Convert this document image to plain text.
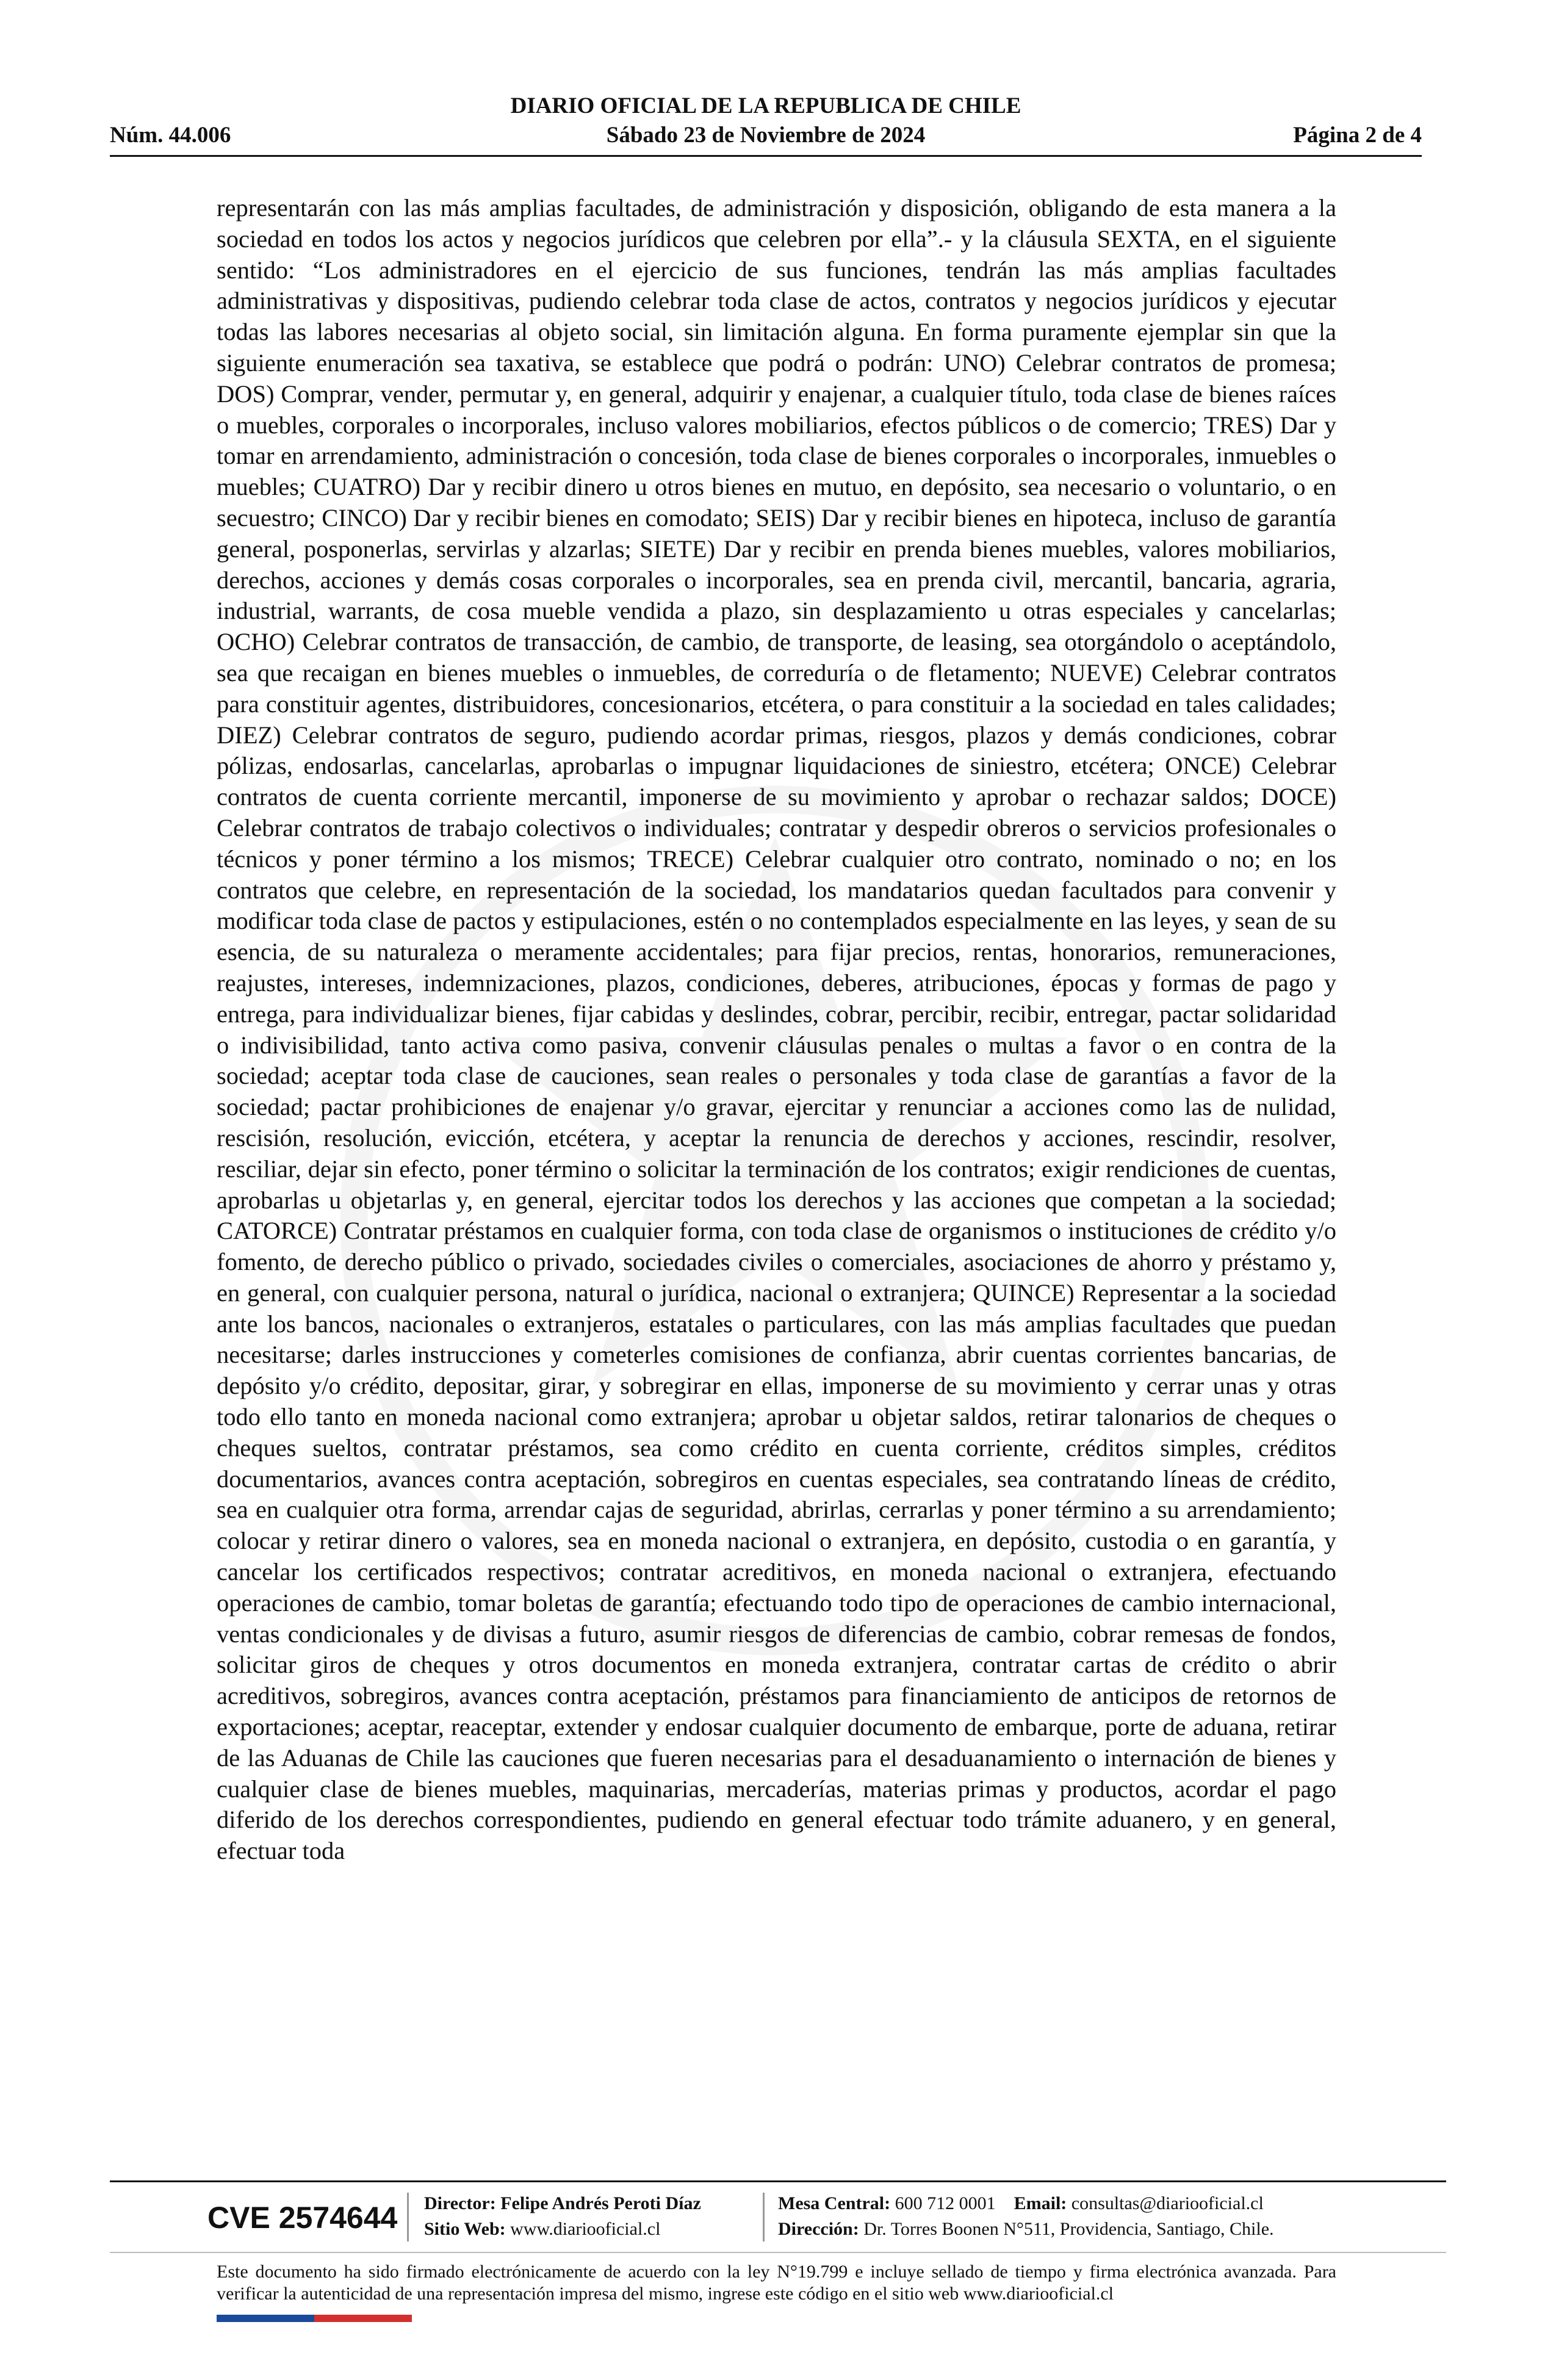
Núm. 44.006
DIARIO OFICIAL DE LA REPUBLICA DE CHILE
Sábado 23 de Noviembre de 2024	Página 2 de 4
representarán con las más amplias facultades, de administración y disposición, obligando de esta manera a la sociedad en todos los actos y negocios jurídicos que celebren por ella”.- y la cláusula SEXTA, en el siguiente sentido: “Los administradores en el ejercicio de sus funciones, tendrán las más amplias facultades administrativas y dispositivas, pudiendo celebrar toda clase de actos, contratos y negocios jurídicos y ejecutar todas las labores necesarias al objeto social, sin limitación alguna. En forma puramente ejemplar sin que la siguiente enumeración sea taxativa, se establece que podrá o podrán: UNO) Celebrar contratos de promesa; DOS) Comprar, vender, permutar y, en general, adquirir y enajenar, a cualquier título, toda clase de bienes raíces o muebles, corporales o incorporales, incluso valores mobiliarios, efectos públicos o de comercio; TRES) Dar y tomar en arrendamiento, administración o concesión, toda clase de bienes corporales o incorporales, inmuebles o muebles; CUATRO) Dar y recibir dinero u otros bienes en mutuo, en depósito, sea necesario o voluntario, o en secuestro; CINCO) Dar y recibir bienes en comodato; SEIS) Dar y recibir bienes en hipoteca, incluso de garantía general, posponerlas, servirlas y alzarlas; SIETE) Dar y recibir en prenda bienes muebles, valores mobiliarios, derechos, acciones y demás cosas corporales o incorporales, sea en prenda civil, mercantil, bancaria, agraria, industrial, warrants, de cosa mueble vendida a plazo, sin desplazamiento u otras especiales y cancelarlas; OCHO) Celebrar contratos de transacción, de cambio, de transporte, de leasing, sea otorgándolo o aceptándolo, sea que recaigan en bienes muebles o inmuebles, de correduría o de fletamento; NUEVE) Celebrar contratos para constituir agentes, distribuidores, concesionarios, etcétera, o para constituir a la sociedad en tales calidades; DIEZ) Celebrar contratos de seguro, pudiendo acordar primas, riesgos, plazos y demás condiciones, cobrar pólizas, endosarlas, cancelarlas, aprobarlas o impugnar liquidaciones de siniestro, etcétera; ONCE) Celebrar contratos de cuenta corriente mercantil, imponerse de su movimiento y aprobar o rechazar saldos; DOCE) Celebrar contratos de trabajo colectivos o individuales; contratar y despedir obreros o servicios profesionales o técnicos y poner término a los mismos; TRECE) Celebrar cualquier otro contrato, nominado o no; en los contratos que celebre, en representación de la sociedad, los mandatarios quedan facultados para convenir y modificar toda clase de pactos y estipulaciones, estén o no contemplados especialmente en las leyes, y sean de su esencia, de su naturaleza o meramente accidentales; para fijar precios, rentas, honorarios, remuneraciones, reajustes, intereses, indemnizaciones, plazos, condiciones, deberes, atribuciones, épocas y formas de pago y entrega, para individualizar bienes, fijar cabidas y deslindes, cobrar, percibir, recibir, entregar, pactar solidaridad o indivisibilidad, tanto activa como pasiva, convenir cláusulas penales o multas a favor o en contra de la sociedad; aceptar toda clase de cauciones, sean reales o personales y toda clase de garantías a favor de la sociedad; pactar prohibiciones de enajenar y/o gravar, ejercitar y renunciar a acciones como las de nulidad, rescisión, resolución, evicción, etcétera, y aceptar la renuncia de derechos y acciones, rescindir, resolver, resciliar, dejar sin efecto, poner término o solicitar la terminación de los contratos; exigir rendiciones de cuentas, aprobarlas u objetarlas y, en general, ejercitar todos los derechos y las acciones que competan a la sociedad; CATORCE) Contratar préstamos en cualquier forma, con toda clase de organismos o instituciones de crédito y/o fomento, de derecho público o privado, sociedades civiles o comerciales, asociaciones de ahorro y préstamo y, en general, con cualquier persona, natural o jurídica, nacional o extranjera; QUINCE) Representar a la sociedad ante los bancos, nacionales o extranjeros, estatales o particulares, con las más amplias facultades que puedan necesitarse; darles instrucciones y cometerles comisiones de confianza, abrir cuentas corrientes bancarias, de depósito y/o crédito, depositar, girar, y sobregirar en ellas, imponerse de su movimiento y cerrar unas y otras todo ello tanto en moneda nacional como extranjera; aprobar u objetar saldos, retirar talonarios de cheques o cheques sueltos, contratar préstamos, sea como crédito en cuenta corriente, créditos simples, créditos documentarios, avances contra aceptación, sobregiros en cuentas especiales, sea contratando líneas de crédito, sea en cualquier otra forma, arrendar cajas de seguridad, abrirlas, cerrarlas y poner término a su arrendamiento; colocar y retirar dinero o valores, sea en moneda nacional o extranjera, en depósito, custodia o en garantía, y cancelar los certificados respectivos; contratar acreditivos, en moneda nacional o extranjera, efectuando operaciones de cambio, tomar boletas de garantía; efectuando todo tipo de operaciones de cambio internacional, ventas condicionales y de divisas a futuro, asumir riesgos de diferencias de cambio, cobrar remesas de fondos, solicitar giros de cheques y otros documentos en moneda extranjera, contratar cartas de crédito o abrir acreditivos, sobregiros, avances contra aceptación, préstamos para financiamiento de anticipos de retornos de exportaciones; aceptar, reaceptar, extender y endosar cualquier documento de embarque, porte de aduana, retirar de las Aduanas de Chile las cauciones que fueren necesarias para el desaduanamiento o internación de bienes y cualquier clase de bienes muebles, maquinarias, mercaderías, materias primas y productos, acordar el pago diferido de los derechos correspondientes, pudiendo en general efectuar todo trámite aduanero, y en general, efectuar toda
CVE 2574644 Director: Felipe Andrés Peroti Díaz
Sitio Web: www.diariooficial.cl
Mesa Central: 600 712 0001 Email: consultas@diariooficial.cl
Dirección: Dr. Torres Boonen N°511, Providencia, Santiago, Chile.
Este documento ha sido firmado electrónicamente de acuerdo con la ley N°19.799 e incluye sellado de tiempo y firma electrónica avanzada. Para verificar la autenticidad de una representación impresa del mismo, ingrese este código en el sitio web www.diariooficial.cl
